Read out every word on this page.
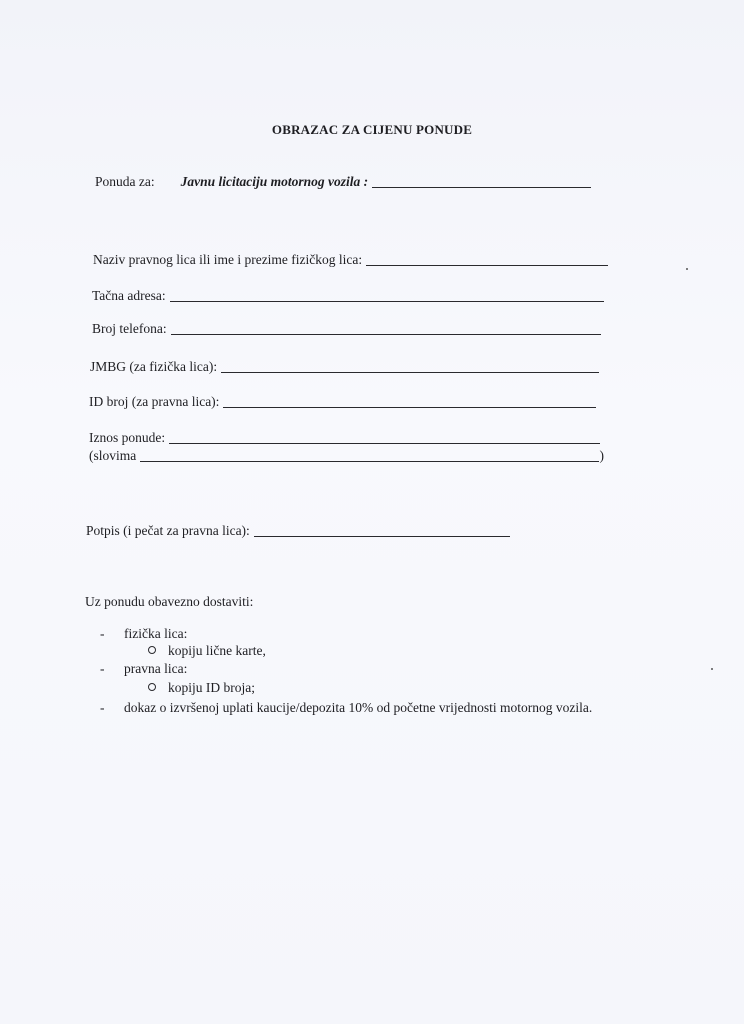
OBRAZAC ZA CIJENU PONUDE
Ponuda za: Javnu licitaciju motornog vozila :
Naziv pravnog lica ili ime i prezime fizičkog lica:
Tačna adresa:
Broj telefona:
JMBG (za fizička lica):
ID broj (za pravna lica):
Iznos ponude:
(slovima	)
Potpis (i pečat za pravna lica):
Uz ponudu obavezno dostaviti:
-	fizička lica:
kopiju lične karte,
-	pravna lica:
kopiju ID broja;
-	dokaz o izvršenoj uplati kaucije/depozita 10% od početne vrijednosti motornog vozila.
